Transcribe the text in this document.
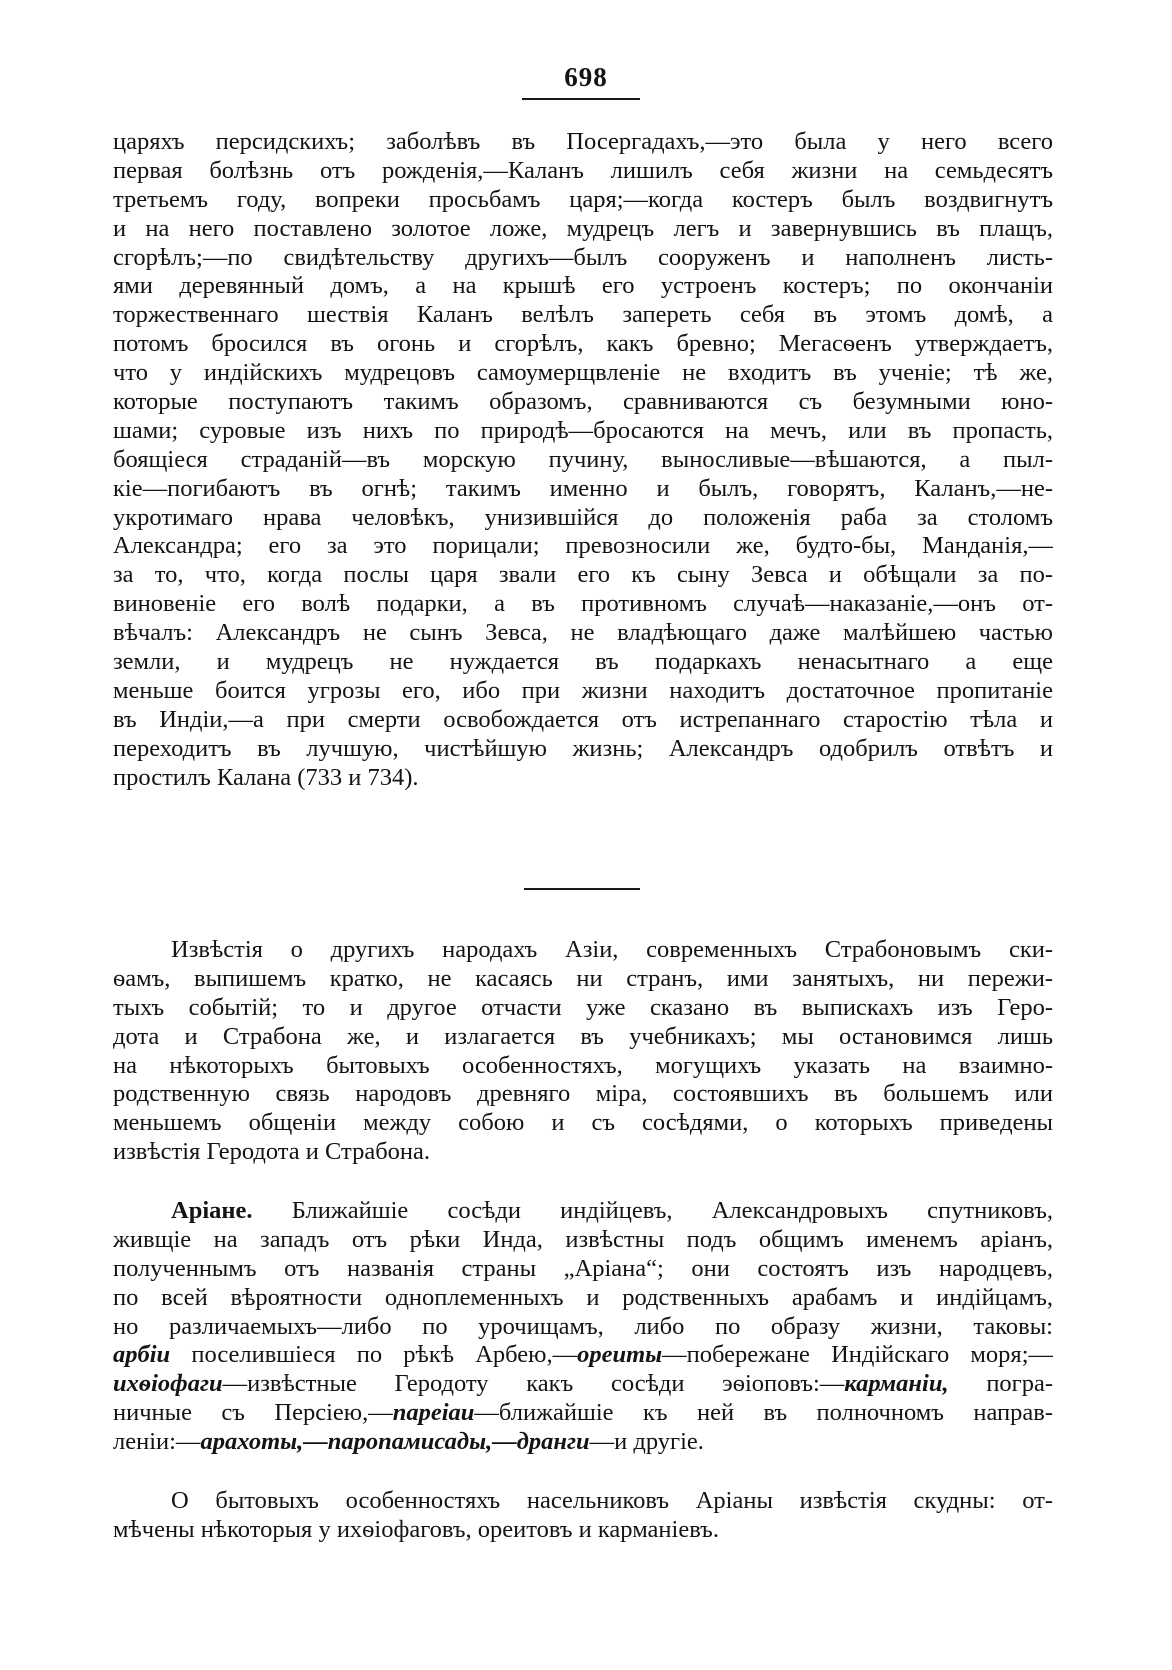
698
царяхъ персидскихъ; заболѣвъ въ Посергадахъ,—это была у него всего
первая болѣзнь отъ рожденія,—Каланъ лишилъ себя жизни на семьдесятъ
третьемъ году, вопреки просьбамъ царя;—когда костеръ былъ воздвигнутъ
и на него поставлено золотое ложе, мудрецъ легъ и завернувшись въ плащъ,
сгорѣлъ;—по свидѣтельству другихъ—былъ сооруженъ и наполненъ листь-
ями деревянный домъ, а на крышѣ его устроенъ костеръ; по окончаніи
торжественнаго шествія Каланъ велѣлъ запереть себя въ этомъ домѣ, а
потомъ бросился въ огонь и сгорѣлъ, какъ бревно; Мегасѳенъ утверждаетъ,
что у индійскихъ мудрецовъ самоумерщвленіе не входитъ въ ученіе; тѣ же,
которые поступаютъ такимъ образомъ, сравниваются съ безумными юно-
шами; суровые изъ нихъ по природѣ—бросаются на мечъ, или въ пропасть,
боящіеся страданій—въ морскую пучину, выносливые—вѣшаются, а пыл-
кіе—погибаютъ въ огнѣ; такимъ именно и былъ, говорятъ, Каланъ,—не-
укротимаго нрава человѣкъ, унизившійся до положенія раба за столомъ
Александра; его за это порицали; превозносили же, будто-бы, Манданія,—
за то, что, когда послы царя звали его къ сыну Зевса и обѣщали за по-
виновеніе его волѣ подарки, а въ противномъ случаѣ—наказаніе,—онъ от-
вѣчалъ: Александръ не сынъ Зевса, не владѣющаго даже малѣйшею частью
земли, и мудрецъ не нуждается въ подаркахъ ненасытнаго а еще
меньше боится угрозы его, ибо при жизни находитъ достаточное пропитаніе
въ Индіи,—а при смерти освобождается отъ истрепаннаго старостію тѣла и
переходитъ въ лучшую, чистѣйшую жизнь; Александръ одобрилъ отвѣтъ и
простилъ Калана (733 и 734).
Извѣстія о другихъ народахъ Азіи, современныхъ Страбоновымъ ски-
ѳамъ, выпишемъ кратко, не касаясь ни странъ, ими занятыхъ, ни пережи-
тыхъ событій; то и другое отчасти уже сказано въ выпискахъ изъ Геро-
дота и Страбона же, и излагается въ учебникахъ; мы остановимся лишь
на нѣкоторыхъ бытовыхъ особенностяхъ, могущихъ указать на взаимно-
родственную связь народовъ древняго міра, состоявшихъ въ большемъ или
меньшемъ общеніи между собою и съ сосѣдями, о которыхъ приведены
извѣстія Геродота и Страбона.
Аріане. Ближайшіе сосѣди индійцевъ, Александровыхъ спутниковъ,
живщіе на западъ отъ рѣки Инда, извѣстны подъ общимъ именемъ аріанъ,
полученнымъ отъ названія страны „Аріана“; они состоятъ изъ народцевъ,
по всей вѣроятности одноплеменныхъ и родственныхъ арабамъ и индійцамъ,
но различаемыхъ—либо по урочищамъ, либо по образу жизни, таковы:
арбіи поселившіеся по рѣкѣ Арбею,—ореиты—побережане Индійскаго моря;—
ихѳіофаги—извѣстные Геродоту какъ сосѣди эѳіоповъ:—карманіи, погра-
ничные съ Персіею,—пареіаи—ближайшіе къ ней въ полночномъ направ-
леніи:—арахоты,—паропамисады,—дранги—и другіе.
О бытовыхъ особенностяхъ насельниковъ Аріаны извѣстія скудны: от-
мѣчены нѣкоторыя у ихѳіофаговъ, ореитовъ и карманіевъ.
